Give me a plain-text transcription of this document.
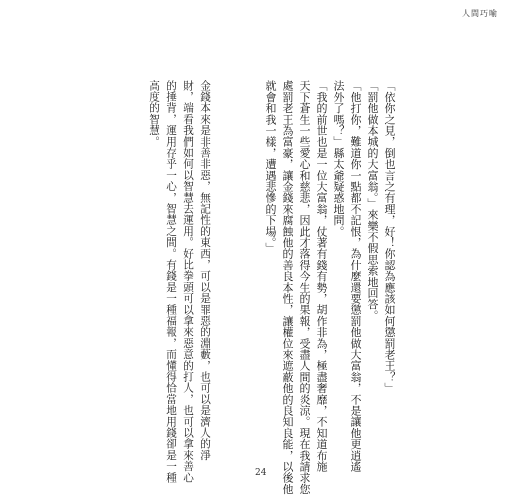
人間巧喻

「依你之見，倒也言之有理，好！你認為應該如何懲罰老王？」

「罰他做本城的大富翁。」來樂不假思索地回答。

「他打你，難道你一點都不記恨，為什麼還要懲罰他做大富翁，不是讓他更逍遙

法外了嗎？」縣太爺疑惑地問。

「我的前世也是一位大富翁，仗著有錢有勢，胡作非為，極盡奢靡，不知道布施

天下蒼生一些愛心和慈悲，因此才落得今生的果報，受盡人間的炎涼。現在我請求您

處罰老王為富豪，讓金錢來腐蝕他的善良本性，讓權位來遮蔽他的良知良能，以後他

就會和我一樣，遭遇悲慘的下場。」

金錢本來是非善非惡，無記性的東西，可以是罪惡的淵藪，也可以是濟人的淨

財，端看我們如何以智慧去運用。好比拳頭可以拿來惡意的打人，也可以拿來善心

的捶背，運用存乎一心，智慧之間。有錢是一種福報，而懂得恰當地用錢卻是一種

高度的智慧。

24
